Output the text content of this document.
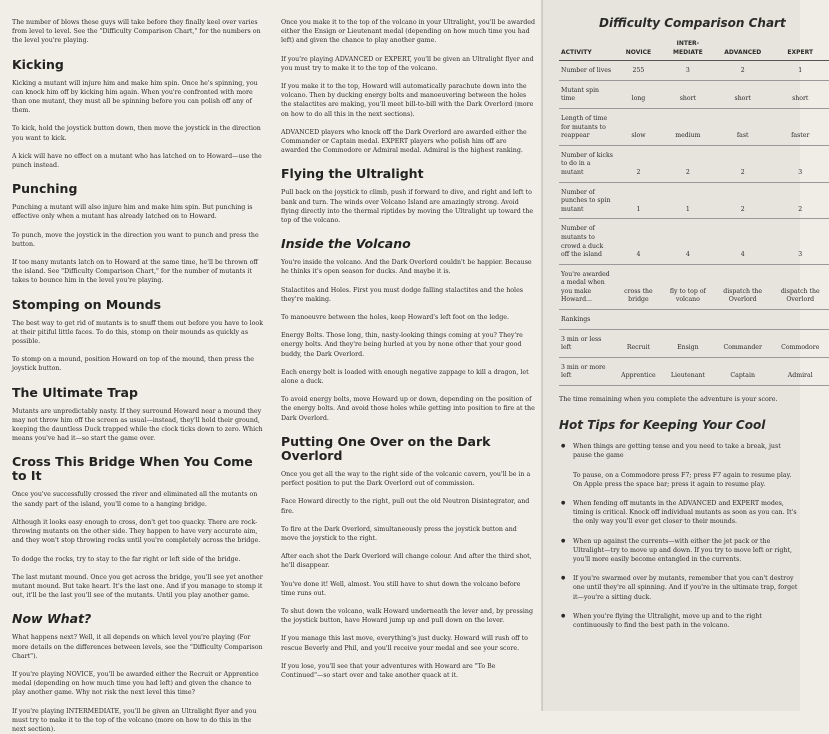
The number of blows these guys will take before they finally keel over varies from level to level. See the "Difficulty Comparison Chart," for the numbers on the level you're playing.

Kicking

Kicking a mutant will injure him and make him spin. Once he's spinning, you can knock him off by kicking him again. When you're confronted with more than one mutant, they must all be spinning before you can polish off any of them.

To kick, hold the joystick button down, then move the joystick in the direction you want to kick.

A kick will have no effect on a mutant who has latched on to Howard—use the punch instead.

Punching

Punching a mutant will also injure him and make him spin. But punching is effective only when a mutant has already latched on to Howard.

To punch, move the joystick in the direction you want to punch and press the button.

If too many mutants latch on to Howard at the same time, he'll be thrown off the island. See "Difficulty Comparison Chart," for the number of mutants it takes to bounce him in the level you're playing.

Stomping on Mounds

The best way to get rid of mutants is to snuff them out before you have to look at their pitiful little faces. To do this, stomp on their mounds as quickly as possible.

To stomp on a mound, position Howard on top of the mound, then press the joystick button.

The Ultimate Trap

Mutants are unpredictably nasty. If they surround Howard near a mound they may not throw him off the screen as usual—instead, they'll hold their ground, keeping the dauntless Duck trapped while the clock ticks down to zero. Which means you've had it—so start the game over.

Cross This Bridge When You Come to It

Once you've successfully crossed the river and eliminated all the mutants on the sandy part of the island, you'll come to a hanging bridge.

Although it looks easy enough to cross, don't get too quacky. There are rock-throwing mutants on the other side. They happen to have very accurate aim, and they won't stop throwing rocks until you're completely across the bridge.

To dodge the rocks, try to stay to the far right or left side of the bridge.

The last mutant mound. Once you get across the bridge, you'll see yet another mutant mound. But take heart. It's the last one. And if you manage to stomp it out, it'll be the last you'll see of the mutants. Until you play another game.

Now What?

What happens next? Well, it all depends on which level you're playing (For more details on the differences between levels, see the "Difficulty Comparison Chart").

If you're playing NOVICE, you'll be awarded either the Recruit or Apprentice medal (depending on how much time you had left) and given the chance to play another game. Why not risk the next level this time?

If you're playing INTERMEDIATE, you'll be given an Ultralight flyer and you must try to make it to the top of the volcano (more on how to do this in the next section).

Once you make it to the top of the volcano in your Ultralight, you'll be awarded either the Ensign or Lieutenant medal (depending on how much time you had left) and given the chance to play another game.

If you're playing ADVANCED or EXPERT, you'll be given an Ultralight flyer and you must try to make it to the top of the volcano.

If you make it to the top, Howard will automatically parachute down into the volcano. Then by ducking energy bolts and manoeuvering between the holes the stalactites are making, you'll meet bill-to-bill with the Dark Overlord (more on how to do all this in the next sections).

ADVANCED players who knock off the Dark Overlord are awarded either the Commander or Captain medal. EXPERT players who polish him off are awarded the Commodore or Admiral medal. Admiral is the highest ranking.

Flying the Ultralight

Pull back on the joystick to climb, push if forward to dive, and right and left to bank and turn. The winds over Volcano Island are amazingly strong. Avoid flying directly into the thermal riptides by moving the Ultralight up toward the top of the volcano.

Inside the Volcano

You're inside the volcano. And the Dark Overlord couldn't be happier. Because he thinks it's open season for ducks. And maybe it is.

Stalactites and Holes. First you must dodge falling stalactites and the holes they're making.

To manoeuvre between the holes, keep Howard's left foot on the ledge.

Energy Bolts. Those long, thin, nasty-looking things coming at you? They're energy bolts. And they're being hurled at you by none other that your good buddy, the Dark Overlord.

Each energy bolt is loaded with enough negative zappage to kill a dragon, let alone a duck.

To avoid energy bolts, move Howard up or down, depending on the position of the energy bolts. And avoid those holes while getting into position to fire at the Dark Overlord.

Putting One Over on the Dark Overlord

Once you get all the way to the right side of the volcanic cavern, you'll be in a perfect position to put the Dark Overlord out of commission.

Face Howard directly to the right, pull out the old Neutron Disintegrator, and fire.

To fire at the Dark Overlord, simultaneously press the joystick button and move the joystick to the right.

After each shot the Dark Overlord will change colour. And after the third shot, he'll disappear.

You've done it! Well, almost. You still have to shut down the volcano before time runs out.

To shut down the volcano, walk Howard underneath the lever and, by pressing the joystick button, have Howard jump up and pull down on the lever.

If you manage this last move, everything's just ducky. Howard will rush off to rescue Beverly and Phil, and you'll receive your medal and see your score.

If you lose, you'll see that your adventures with Howard are "To Be Continued"—so start over and take another quack at it.

Difficulty Comparison Chart
ACTIVITY	NOVICE	INTER-MEDIATE	ADVANCED	EXPERT
Number of lives	255	3	2	1
Mutant spin time	long	short	short	short
Length of time for mutants to reappear	slow	medium	fast	faster
Number of kicks to do in a mutant	2	2	2	3
Number of punches to spin mutant	1	1	2	2
Number of mutants to crowd a duck off the island	4	4	4	3
You're awarded a medal when you make Howard...	cross the bridge	fly to top of volcano	dispatch the Overlord	dispatch the Overlord
Rankings				
3 min or less left	Recruit	Ensign	Commander	Commodore
3 min or more left	Apprentice	Lieutenant	Captain	Admiral

The time remaining when you complete the adventure is your score.

Hot Tips for Keeping Your Cool

● When things are getting tense and you need to take a break, just pause the game

To pause, on a Commodore press F7; press F7 again to resume play. On Apple press the space bar; press it again to resume play.

● When fending off mutants in the ADVANCED and EXPERT modes, timing is critical. Knock off individual mutants as soon as you can. It's the only way you'll ever get closer to their mounds.

● When up against the currents—with either the jet pack or the Ultralight—try to move up and down. If you try to move left or right, you'll more easily become entangled in the currents.

● If you're swarmed over by mutants, remember that you can't destroy one until they're all spinning. And if you're in the ultimate trap, forget it—you're a sitting duck.

● When you're flying the Ultralight, move up and to the right continuously to find the best path in the volcano.
